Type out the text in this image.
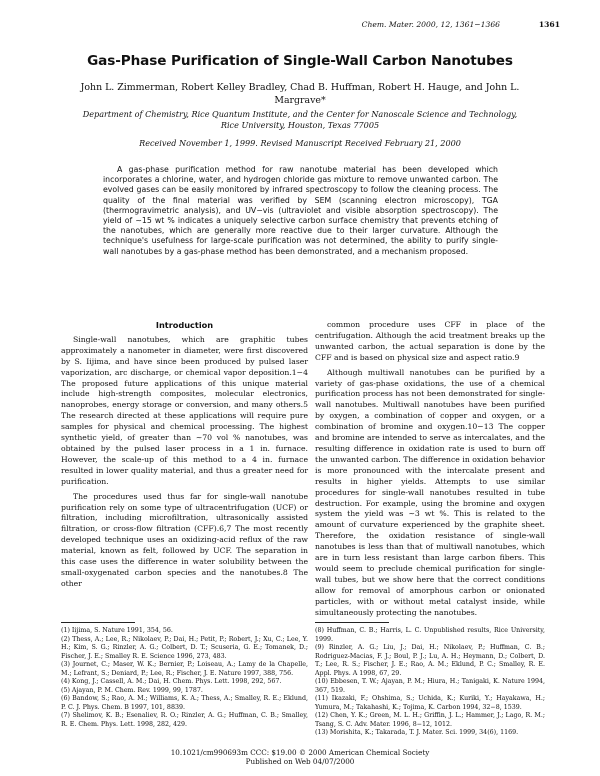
Chem. Mater. 2000, 12, 1361−1366	1361
Gas-Phase Purification of Single-Wall Carbon Nanotubes
John L. Zimmerman, Robert Kelley Bradley, Chad B. Huffman, Robert H. Hauge, and John L. Margrave*
Department of Chemistry, Rice Quantum Institute, and the Center for Nanoscale Science and Technology, Rice University, Houston, Texas 77005
Received November 1, 1999. Revised Manuscript Received February 21, 2000
A gas-phase purification method for raw nanotube material has been developed which incorporates a chlorine, water, and hydrogen chloride gas mixture to remove unwanted carbon. The evolved gases can be easily monitored by infrared spectroscopy to follow the cleaning process. The quality of the final material was verified by SEM (scanning electron microscopy), TGA (thermogravimetric analysis), and UV−vis (ultraviolet and visible absorption spectroscopy). The yield of ∼15 wt % indicates a uniquely selective carbon surface chemistry that prevents etching of the nanotubes, which are generally more reactive due to their larger curvature. Although the technique's usefulness for large-scale purification was not determined, the ability to purify single-wall nanotubes by a gas-phase method has been demonstrated, and a mechanism proposed.

Introduction

Single-wall nanotubes, which are graphitic tubes approximately a nanometer in diameter, were first discovered by S. Iijima, and have since been produced by pulsed laser vaporization, arc discharge, or chemical vapor deposition.1−4 The proposed future applications of this unique material include high-strength composites, molecular electronics, nanoprobes, energy storage or conversion, and many others.5 The research directed at these applications will require pure samples for physical and chemical processing. The highest synthetic yield, of greater than ∼70 vol % nanotubes, was obtained by the pulsed laser process in a 1 in. furnace. However, the scale-up of this method to a 4 in. furnace resulted in lower quality material, and thus a greater need for purification.

The procedures used thus far for single-wall nanotube purification rely on some type of ultracentrifugation (UCF) or filtration, including microfiltration, ultrasonically assisted filtration, or cross-flow filtration (CFF).6,7 The most recently developed technique uses an oxidizing-acid reflux of the raw material, known as felt, followed by UCF. The separation in this case uses the difference in water solubility between the small-oxygenated carbon species and the nanotubes.8 The other

common procedure uses CFF in place of the centrifugation. Although the acid treatment breaks up the unwanted carbon, the actual separation is done by the CFF and is based on physical size and aspect ratio.9

Although multiwall nanotubes can be purified by a variety of gas-phase oxidations, the use of a chemical purification process has not been demonstrated for single-wall nanotubes. Multiwall nanotubes have been purified by oxygen, a combination of copper and oxygen, or a combination of bromine and oxygen.10−13 The copper and bromine are intended to serve as intercalates, and the resulting difference in oxidation rate is used to burn off the unwanted carbon. The difference in oxidation behavior is more pronounced with the intercalate present and results in higher yields. Attempts to use similar procedures for single-wall nanotubes resulted in tube destruction. For example, using the bromine and oxygen system the yield was ∼3 wt %. This is related to the amount of curvature experienced by the graphite sheet. Therefore, the oxidation resistance of single-wall nanotubes is less than that of multiwall nanotubes, which are in turn less resistant than large carbon fibers. This would seem to preclude chemical purification for single-wall tubes, but we show here that the correct conditions allow for removal of amorphous carbon or onionated particles, with or without metal catalyst inside, while simultaneously protecting the nanotubes.

(1) Iijima, S. Nature 1991, 354, 56.
(2) Thess, A.; Lee, R.; Nikolaev, P.; Dai, H.; Petit, P.; Robert, J.; Xu, C.; Lee, Y. H.; Kim, S. G.; Rinzler, A. G.; Colbert, D. T.; Scuseria, G. E.; Tomanek, D.; Fischer, J. E.; Smalley R. E. Science 1996, 273, 483.
(3) Journet, C.; Maser, W. K.; Bernier, P.; Loiseau, A.; Lamy de la Chapelle, M.; Lefrant, S.; Deniard, P.; Lee, R.; Fischer, J. E. Nature 1997, 388, 756.
(4) Kong, J.; Cassell, A. M.; Dai, H. Chem. Phys. Lett. 1998, 292, 567.
(5) Ajayan, P. M. Chem. Rev. 1999, 99, 1787.
(6) Bandow, S.; Rao, A. M.; Williams, K. A.; Thess, A.; Smalley, R. E.; Eklund, P. C. J. Phys. Chem. B 1997, 101, 8839.
(7) Shelimov, K. B.; Esenaliev, R. O.; Rinzler, A. G.; Huffman, C. B.; Smalley, R. E. Chem. Phys. Lett. 1998, 282, 429.
(8) Huffman, C. B.; Harris, L. C. Unpublished results, Rice University, 1999.
(9) Rinzler, A. G.; Liu, J.; Dai, H.; Nikolaev, P.; Huffman, C. B.; Rodriguez-Macias, F. J.; Boul, P. J.; Lu, A. H.; Heymann, D.; Colbert, D. T.; Lee, R. S.; Fischer, J. E.; Rao, A. M.; Eklund, P. C.; Smalley, R. E. Appl. Phys. A 1998, 67, 29.
(10) Ebbesen, T. W.; Ajayan, P. M.; Hiura, H.; Tanigaki, K. Nature 1994, 367, 519.
(11) Ikazaki, F.; Ohshima, S.; Uchida, K.; Kuriki, Y.; Hayakawa, H.; Yumura, M.; Takahashi, K.; Tojima, K. Carbon 1994, 32−8, 1539.
(12) Chen, Y. K.; Green, M. L. H.; Griffin, J. L.; Hammer, J.; Lago, R. M.; Tsang, S. C. Adv. Mater. 1996, 8−12, 1012.
(13) Morishita, K.; Takarada, T. J. Mater. Sci. 1999, 34(6), 1169.
10.1021/cm990693m CCC: $19.00 © 2000 American Chemical Society
Published on Web 04/07/2000
